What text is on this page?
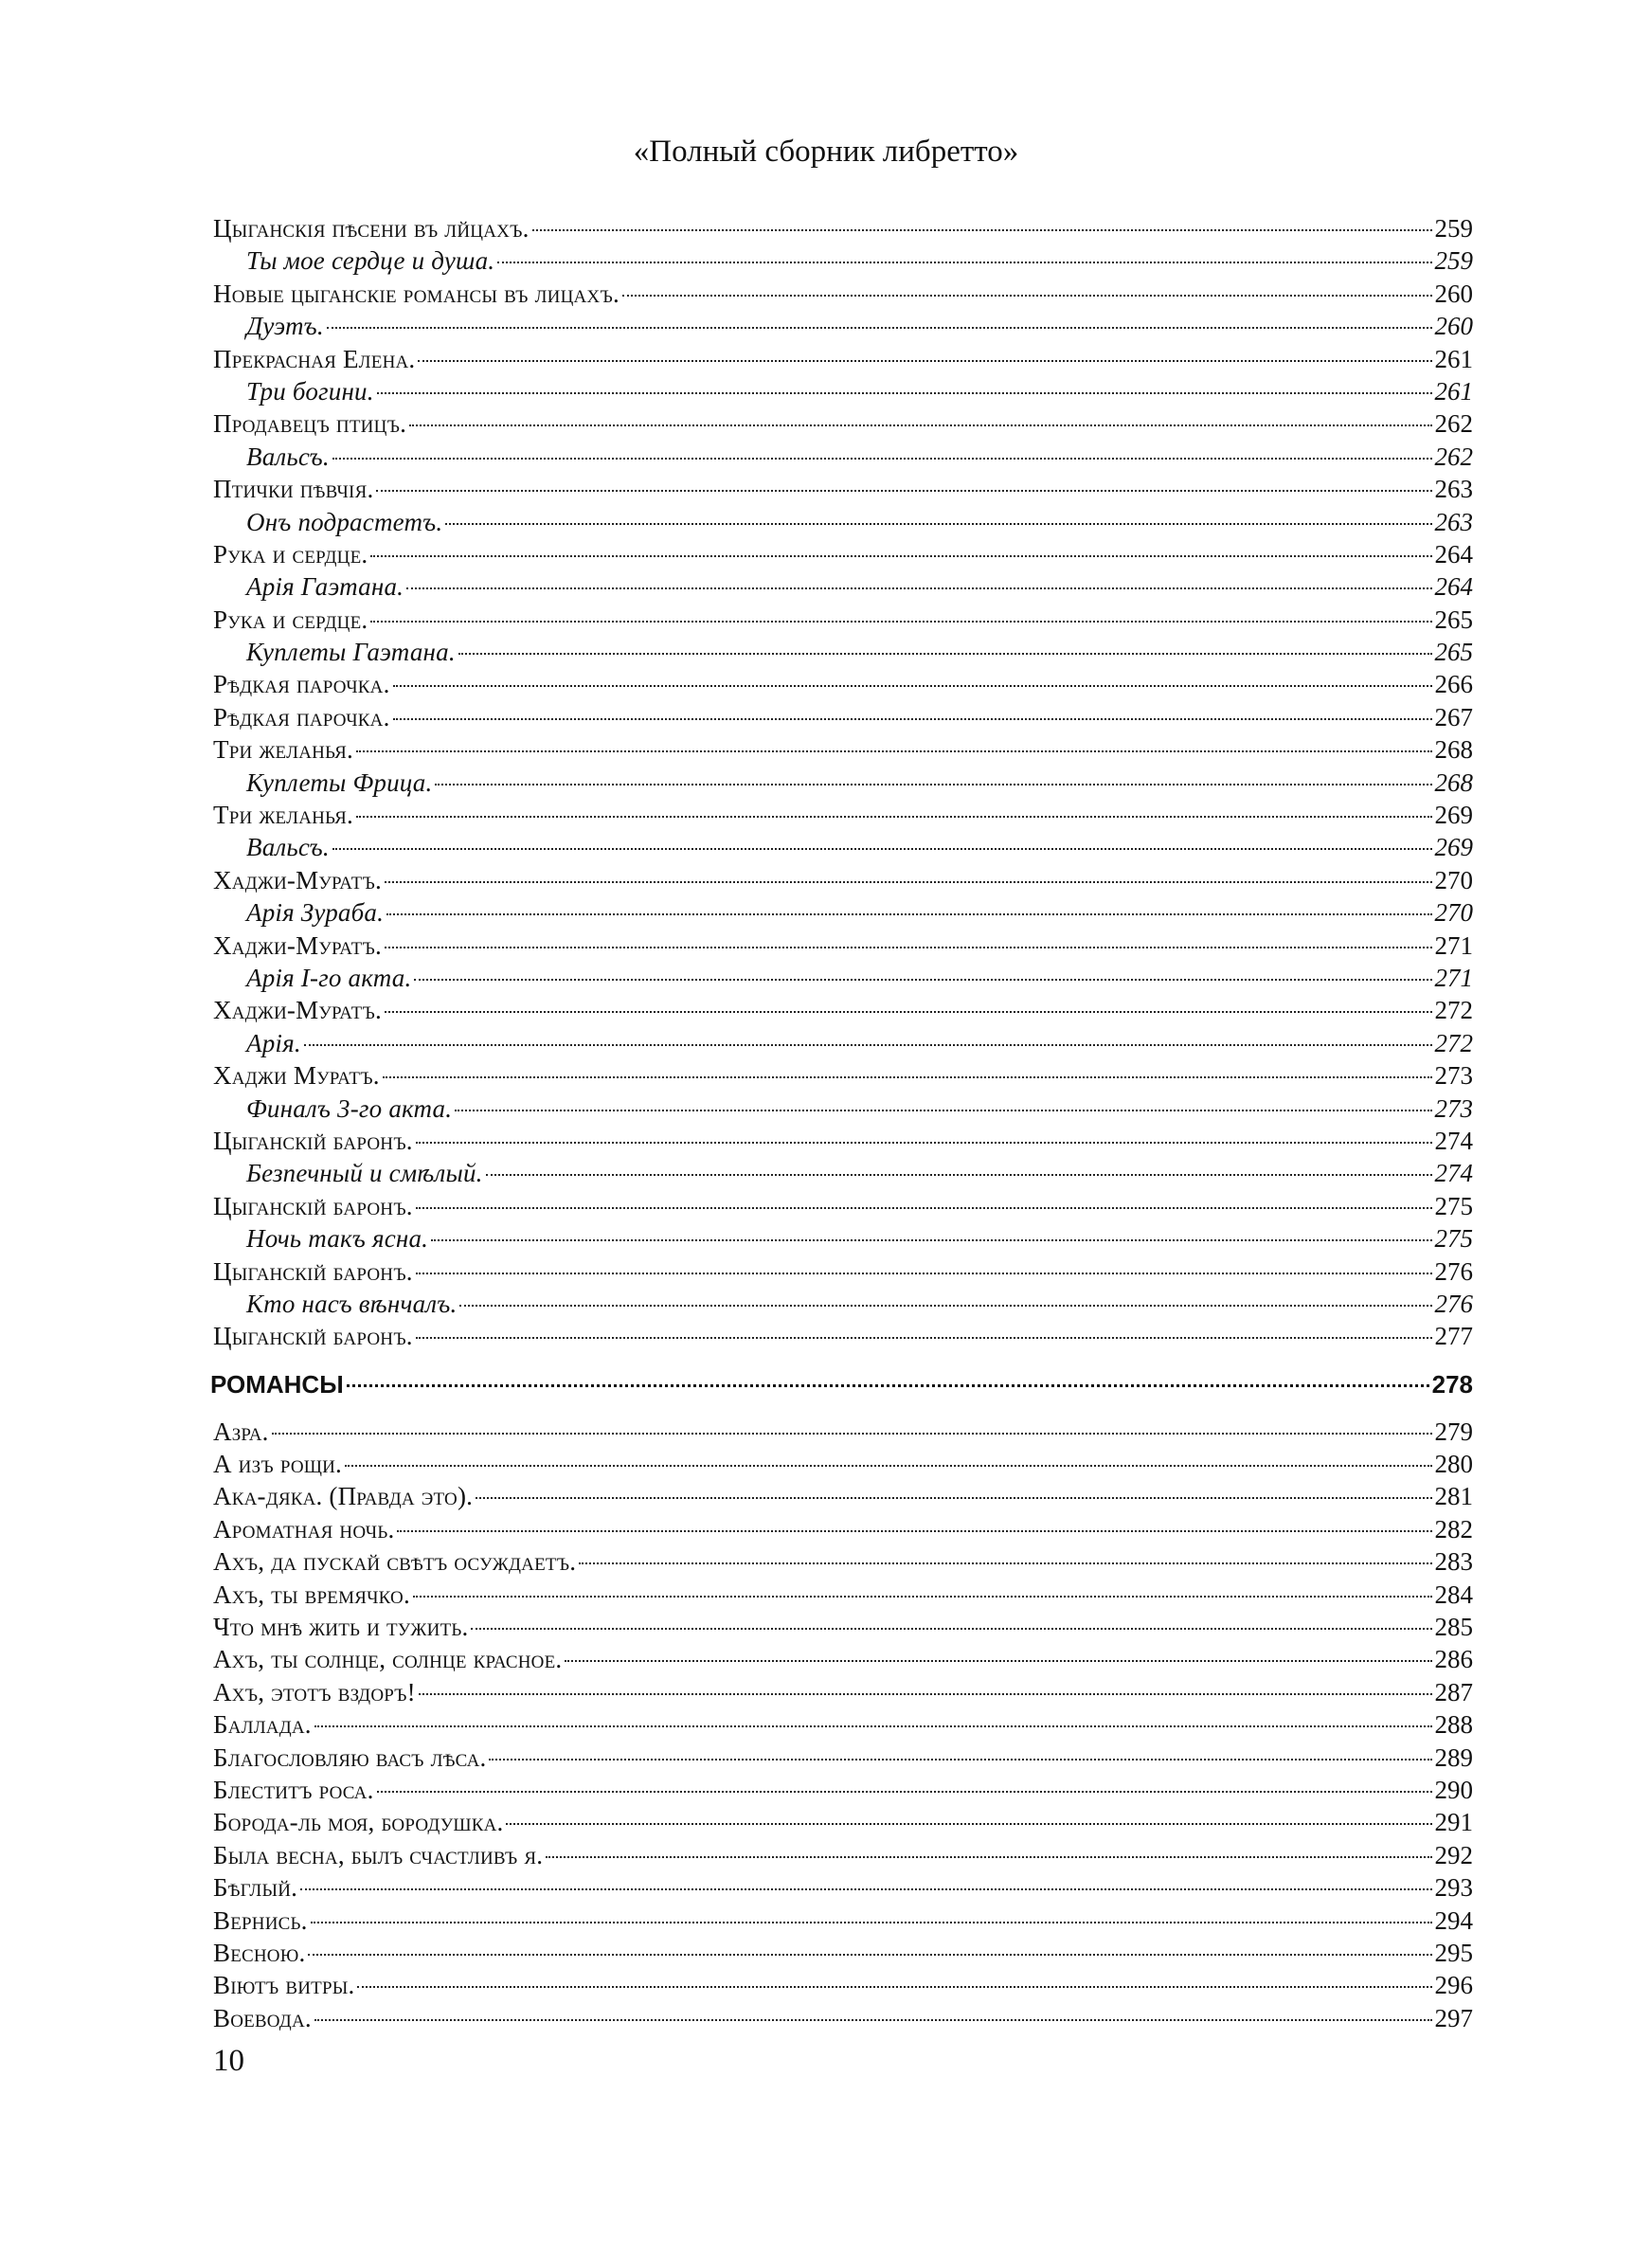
«Полный сборник либретто»
Цыганскія пѣсени въ лйцахъ.	259
Ты мое сердце и душа.	259
Новые цыганскіе романсы въ лицахъ.	260
Дуэтъ.	260
Прекрасная Елена.	261
Три богини.	261
Продавецъ птицъ.	262
Вальсъ.	262
Птички пѣвчія.	263
Онъ подрастетъ.	263
Рука и сердце.	264
Арія Гаэтана.	264
Рука и сердце.	265
Куплеты Гаэтана.	265
Рѣдкая парочка.	266
Рѣдкая парочка.	267
Три желанья.	268
Куплеты Фрица.	268
Три желанья.	269
Вальсъ.	269
Хаджи-Муратъ.	270
Арія Зураба.	270
Хаджи-Муратъ.	271
Арія I-го акта.	271
Хаджи-Муратъ.	272
Арія.	272
Хаджи Муратъ.	273
Финалъ 3-го акта.	273
Цыганскій баронъ.	274
Безпечный и смѣлый.	274
Цыганскій баронъ.	275
Ночь такъ ясна.	275
Цыганскій баронъ.	276
Кто насъ вѣнчалъ.	276
Цыганскій баронъ.	277
РОМАНСЫ	278
Азра.	279
А изъ рощи.	280
Ака-дяка. (Правда это).	281
Ароматная ночь.	282
Ахъ, да пускай свѣтъ осуждаетъ.	283
Ахъ, ты времячко.	284
Что мнѣ жить и тужить.	285
Ахъ, ты солнце, солнце красное.	286
Ахъ, этотъ вздоръ!	287
Баллада.	288
Благословляю васъ лѣса.	289
Блеститъ роса.	290
Борода-ль моя, бородушка.	291
Была весна, былъ счастливъ я.	292
Бѣглый.	293
Вернись.	294
Весною.	295
Віютъ витры.	296
Воевода.	297
10
